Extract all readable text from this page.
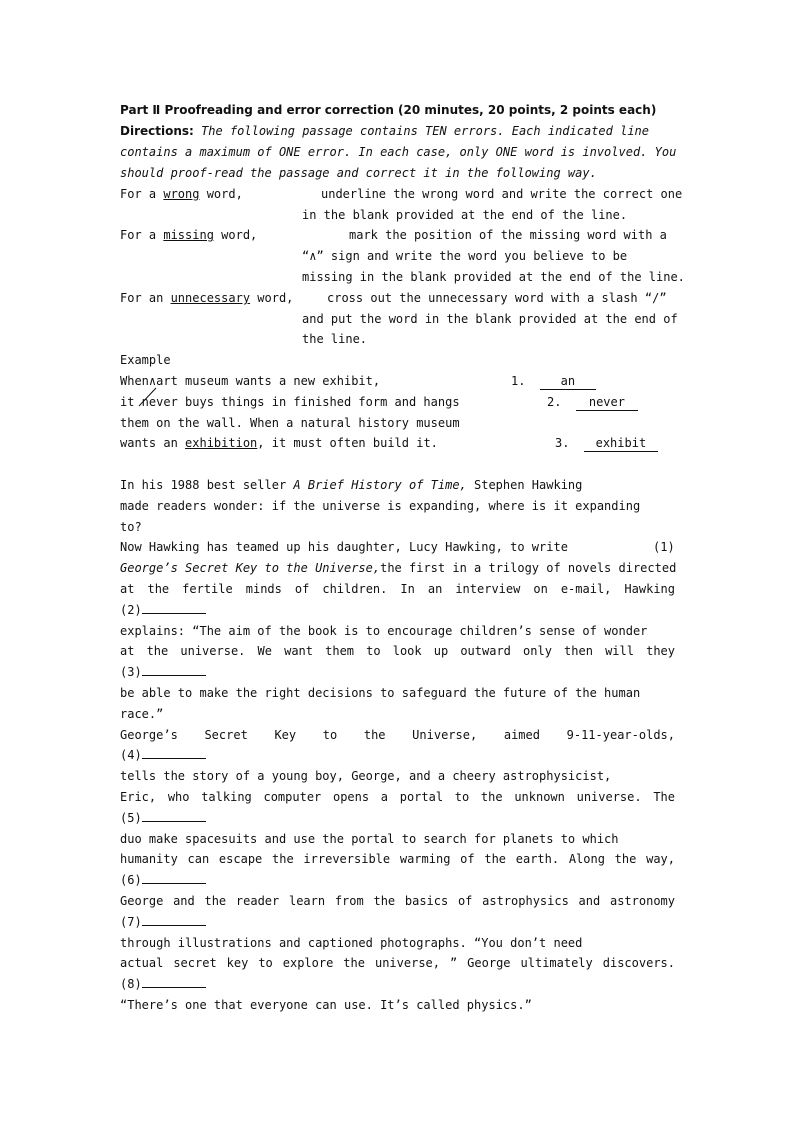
Part Ⅱ Proofreading and error correction (20 minutes, 20 points, 2 points each)
Directions: The following passage contains TEN errors. Each indicated line
contains a maximum of ONE error. In each case, only ONE word is involved. You
should proof-read the passage and correct it in the following way.
For a wrong word,	underline the wrong word and write the correct one
in the blank provided at the end of the line.
For a missing word,	mark the position of the missing word with a
“∧” sign and write the word you believe to be
missing in the blank provided at the end of the line.
For an unnecessary word,	cross out the unnecessary word with a slash “/”
and put the word in the blank provided at the end of
the line.
Example
When∧art museum wants a new exhibit,
it never buys things in finished form and hangs
them on the wall. When a natural history museum
wants an exhibition, it must often build it.
1.	an
2. never
3. exhibit
In his 1988 best seller A Brief History of Time, Stephen Hawking
made readers wonder: if the universe is expanding, where is it expanding
to?
Now Hawking has teamed up his daughter, Lucy Hawking, to write	(1)
George’s Secret Key to the Universe, the first in a trilogy of novels directed
at the fertile minds of children. In an interview on e-mail, Hawking
(2)
explains: “The aim of the book is to encourage children’s sense of wonder
at the universe. We want them to look up outward only then will they
(3)
be able to make the right decisions to safeguard the future of the human
race.”
George’s Secret Key to the Universe, aimed 9-11-year-olds,
(4)
tells the story of a young boy, George, and a cheery astrophysicist,
Eric, who talking computer opens a portal to the unknown universe. The
(5)
duo make spacesuits and use the portal to search for planets to which
humanity can escape the irreversible warming of the earth. Along the way,
(6)
George and the reader learn from the basics of astrophysics and astronomy
(7)
through illustrations and captioned photographs. “You don’t need
actual secret key to explore the universe, ” George ultimately discovers.
(8)
“There’s one that everyone can use. It’s called physics.”
